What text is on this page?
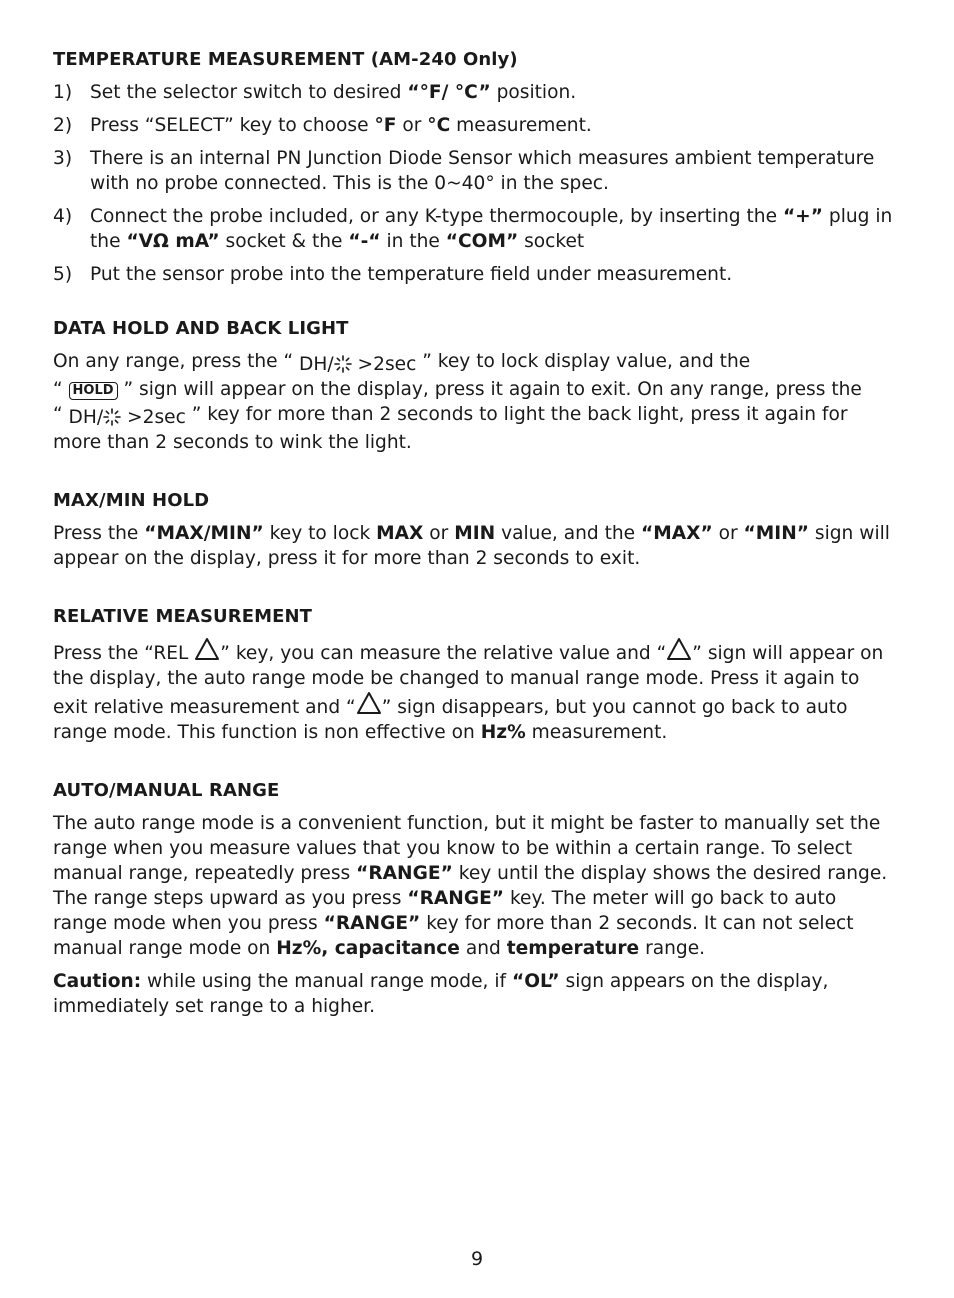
TEMPERATURE MEASUREMENT (AM-240 Only)
1) Set the selector switch to desired “°F/ °C” position.
2) Press “SELECT” key to choose °F or °C measurement.
3) There is an internal PN Junction Diode Sensor which measures ambient temperature with no probe connected. This is the 0~40° in the spec.
4) Connect the probe included, or any K-type thermocouple, by inserting the “+” plug in the “VΩ mA” socket & the “-“ in the “COM” socket
5) Put the sensor probe into the temperature field under measurement.
DATA HOLD AND BACK LIGHT

On any range, press the “ DH/ >2sec ” key to lock display value, and the
“ HOLD ” sign will appear on the display, press it again to exit. On any range, press the
“ DH/ >2sec ” key for more than 2 seconds to light the back light, press it again for more than 2 seconds to wink the light.

MAX/MIN HOLD

Press the “MAX/MIN” key to lock MAX or MIN value, and the “MAX” or “MIN” sign will appear on the display, press it for more than 2 seconds to exit.

RELATIVE MEASUREMENT

Press the “REL ” key, you can measure the relative value and “ ” sign will appear on the display, the auto range mode be changed to manual range mode. Press it again to exit relative measurement and “ ” sign disappears, but you cannot go back to auto range mode. This function is non effective on Hz% measurement.

AUTO/MANUAL RANGE

The auto range mode is a convenient function, but it might be faster to manually set the range when you measure values that you know to be within a certain range. To select manual range, repeatedly press “RANGE” key until the display shows the desired range. The range steps upward as you press “RANGE” key. The meter will go back to auto range mode when you press “RANGE” key for more than 2 seconds. It can not select manual range mode on Hz%, capacitance and temperature range.

Caution: while using the manual range mode, if “OL” sign appears on the display, immediately set range to a higher.

9
